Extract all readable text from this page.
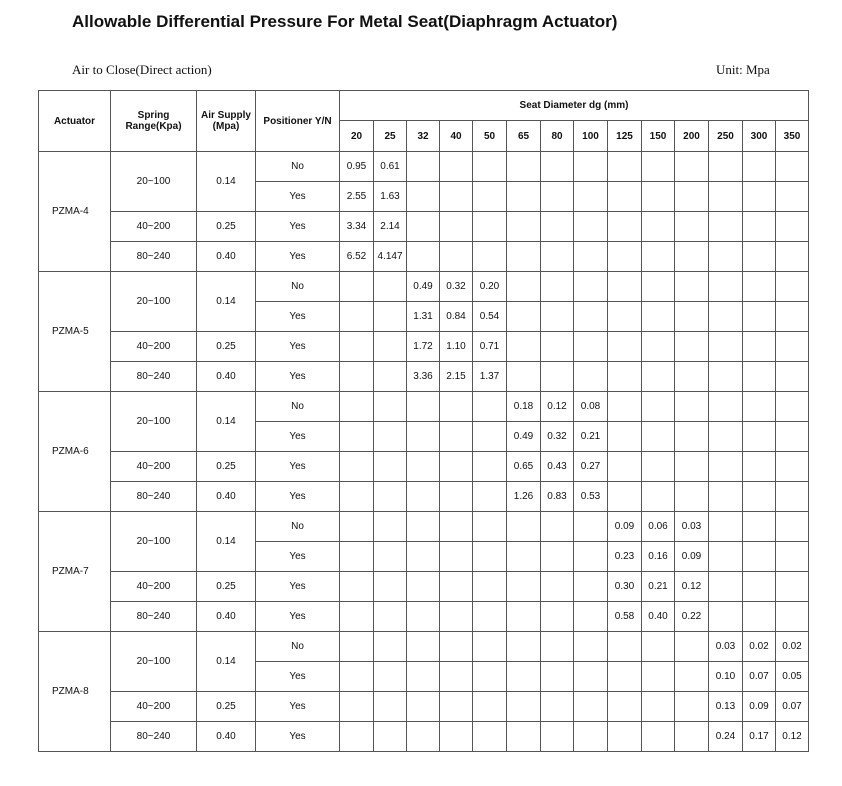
Allowable Differential Pressure For Metal Seat(Diaphragm Actuator)
Air to Close(Direct action)	Unit: Mpa
Actuator	Spring Range(Kpa)	Air Supply (Mpa)	Positioner Y/N	Seat Diameter dg (mm)													
				20	25	32	40	50	65	80	100	125	150	200	250	300	350
PZMA-4	20~100	0.14	No	0.95	0.61												
			Yes	2.55	1.63												
	40~200	0.25	Yes	3.34	2.14												
	80~240	0.40	Yes	6.52	4.147												
PZMA-5	20~100	0.14	No			0.49	0.32	0.20									
			Yes			1.31	0.84	0.54									
	40~200	0.25	Yes			1.72	1.10	0.71									
	80~240	0.40	Yes			3.36	2.15	1.37									
PZMA-6	20~100	0.14	No						0.18	0.12	0.08						
			Yes						0.49	0.32	0.21						
	40~200	0.25	Yes						0.65	0.43	0.27						
	80~240	0.40	Yes						1.26	0.83	0.53						
PZMA-7	20~100	0.14	No									0.09	0.06	0.03			
			Yes									0.23	0.16	0.09			
	40~200	0.25	Yes									0.30	0.21	0.12			
	80~240	0.40	Yes									0.58	0.40	0.22			
PZMA-8	20~100	0.14	No												0.03	0.02	0.02
			Yes												0.10	0.07	0.05
	40~200	0.25	Yes												0.13	0.09	0.07
	80~240	0.40	Yes												0.24	0.17	0.12
